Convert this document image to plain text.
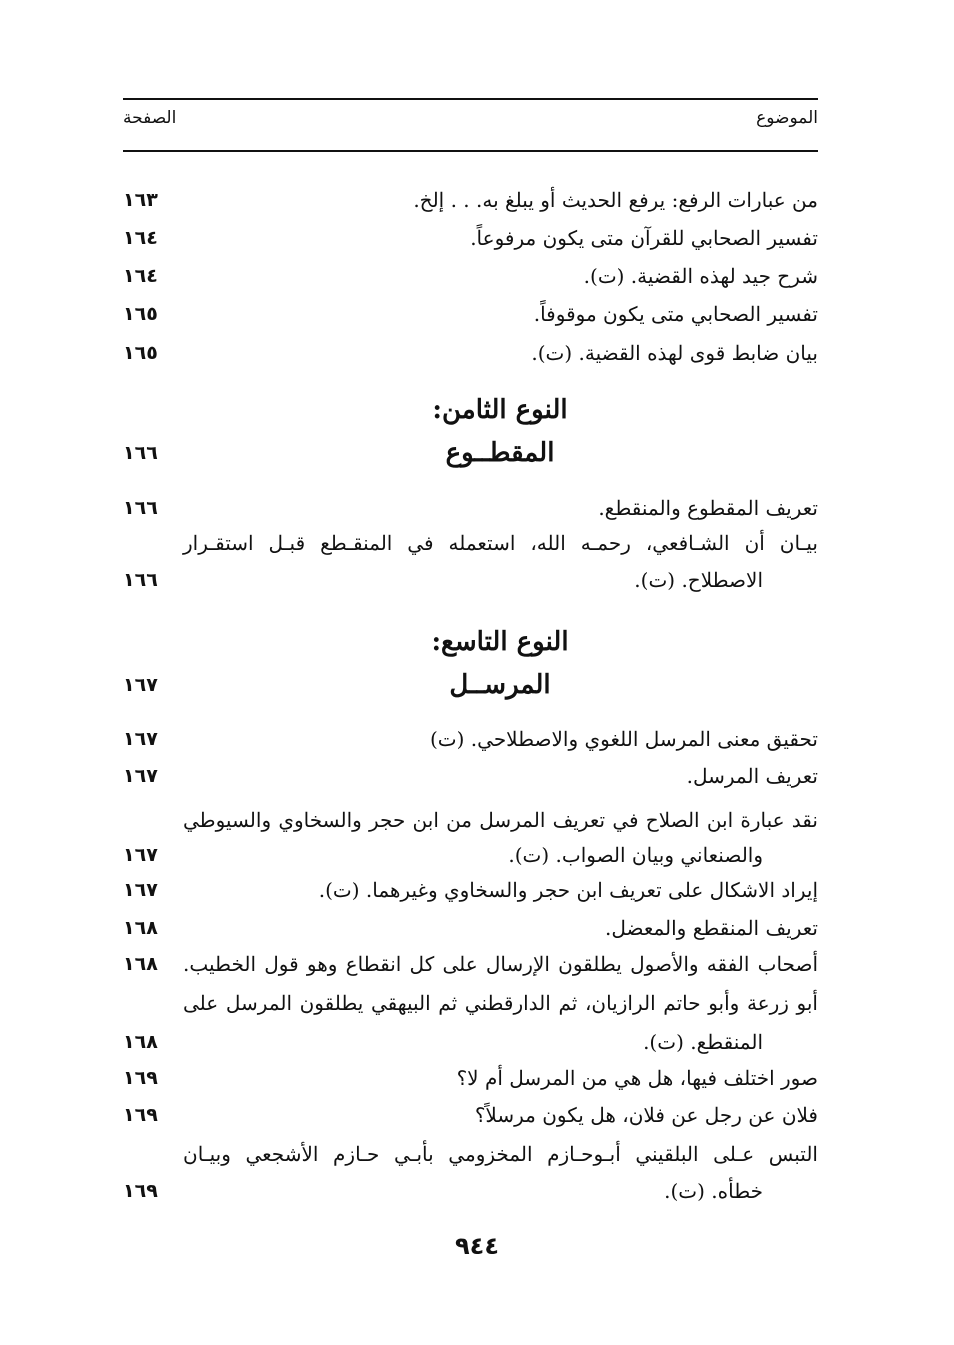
الموضوع
الصفحة
من عبارات الرفع: يرفع الحديث أو يبلغ به. . . إلخ.
١٦٣
تفسير الصحابي للقرآن متى يكون مرفوعاً.
١٦٤
شرح جيد لهذه القضية. (ت).
١٦٤
تفسير الصحابي متى يكون موقوفاً.
١٦٥
بيان ضابط قوى لهذه القضية. (ت).
١٦٥
النوع الثامن:
المقطــوع
١٦٦
تعريف المقطوع والمنقطع.
١٦٦
بيـان أن الشـافعي، رحمـه الله، استعمله في المنقـطع قبـل استقـرار
الاصطلاح. (ت).
١٦٦
النوع التاسع:
المرســل
١٦٧
تحقيق معنى المرسل اللغوي والاصطلاحي. (ت)
١٦٧
تعريف المرسل.
١٦٧
نقد عبارة ابن الصلاح في تعريف المرسل من ابن حجر والسخاوي والسيوطي
والصنعاني وبيان الصواب. (ت).
١٦٧
إيراد الاشكال على تعريف ابن حجر والسخاوي وغيرهما. (ت).
١٦٧
تعريف المنقطع والمعضل.
١٦٨
أصحاب الفقه والأصول يطلقون الإرسال على كل انقطاع وهو قول الخطيب.
١٦٨
أبو زرعة وأبو حاتم الرازيان، ثم الدارقطني ثم البيهقي يطلقون المرسل على
المنقطع. (ت).
١٦٨
صور اختلف فيها، هل هي من المرسل أم لا؟
١٦٩
فلان عن رجل عن فلان، هل يكون مرسلاً؟
١٦٩
التبس عـلى البلقيني أبـوحـازم المخزومي بأبـي حـازم الأشجعي وبيـان
خطأه. (ت).
١٦٩
٩٤٤
